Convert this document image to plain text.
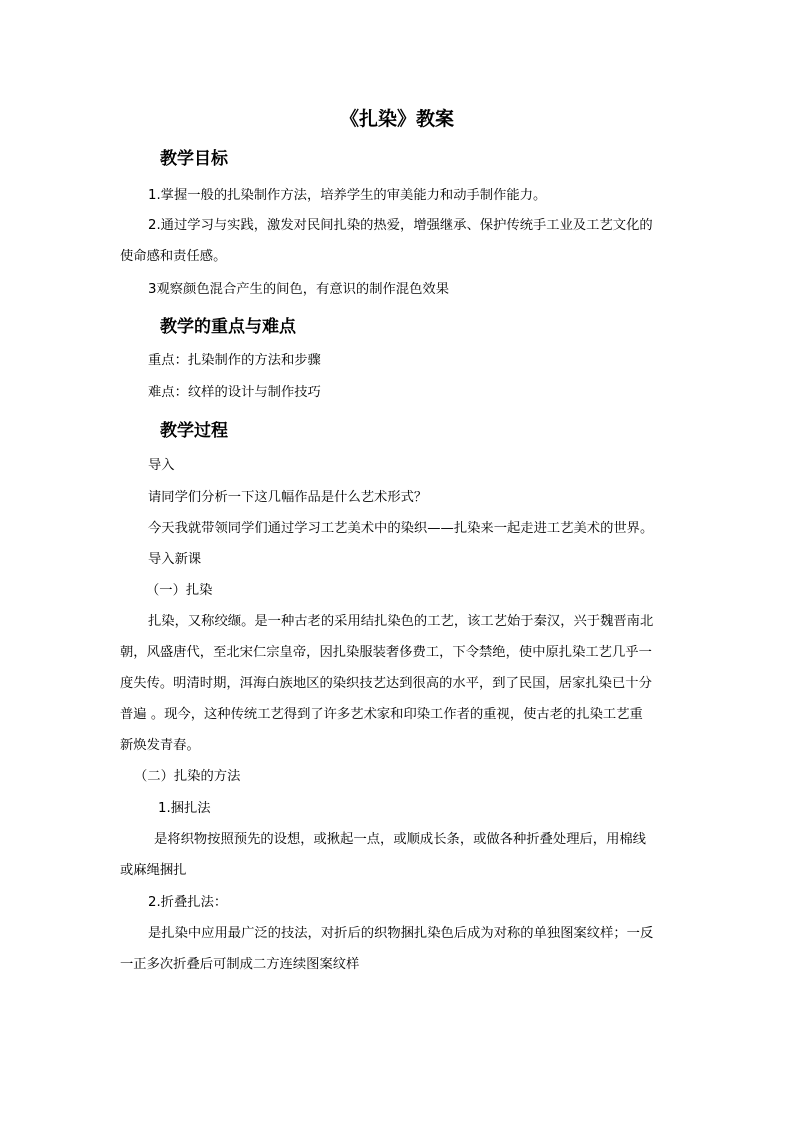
《扎染》教案
教学目标
1.掌握一般的扎染制作方法，培养学生的审美能力和动手制作能力。
2.通过学习与实践，激发对民间扎染的热爱，增强继承、保护传统手工业及工艺文化的
使命感和责任感。
3观察颜色混合产生的间色，有意识的制作混色效果
教学的重点与难点
重点：扎染制作的方法和步骤
难点：纹样的设计与制作技巧
教学过程
导入
请同学们分析一下这几幅作品是什么艺术形式？
今天我就带领同学们通过学习工艺美术中的染织——扎染来一起走进工艺美术的世界。
导入新课
（一）扎染
扎染，又称绞缬。是一种古老的采用结扎染色的工艺，该工艺始于秦汉，兴于魏晋南北
朝，风盛唐代，至北宋仁宗皇帝，因扎染服装奢侈费工，下令禁绝，使中原扎染工艺几乎一
度失传。明清时期，洱海白族地区的染织技艺达到很高的水平，到了民国，居家扎染已十分
普遍 。现今，这种传统工艺得到了许多艺术家和印染工作者的重视，使古老的扎染工艺重
新焕发青春。
（二）扎染的方法
1.捆扎法
是将织物按照预先的设想，或揪起一点，或顺成长条，或做各种折叠处理后，用棉线
或麻绳捆扎
2.折叠扎法：
是扎染中应用最广泛的技法，对折后的织物捆扎染色后成为对称的单独图案纹样；一反
一正多次折叠后可制成二方连续图案纹样
